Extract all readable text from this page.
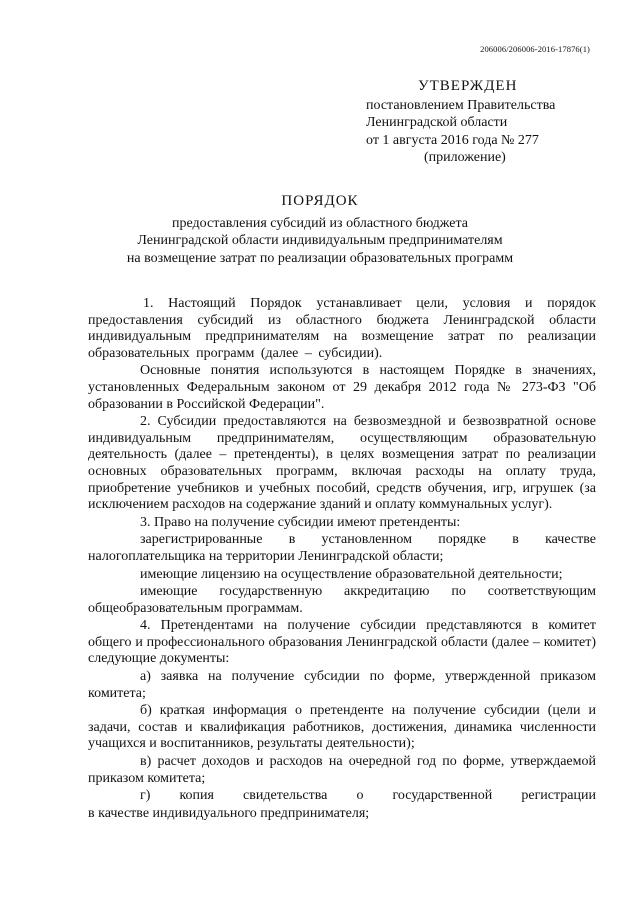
206006/206006-2016-17876(1)
УТВЕРЖДЕН
постановлением Правительства
Ленинградской области
от 1 августа 2016 года № 277
(приложение)
ПОРЯДОК
предоставления субсидий из областного бюджета
Ленинградской области индивидуальным предпринимателям
на возмещение затрат по реализации образовательных программ

1. Настоящий Порядок устанавливает цели, условия и порядок предоставления субсидий из областного бюджета Ленинградской области индивидуальным предпринимателям на возмещение затрат по реализации образовательных программ (далее – субсидии).

Основные понятия используются в настоящем Порядке в значениях, установленных Федеральным законом от 29 декабря 2012 года № 273-ФЗ "Об образовании в Российской Федерации".

2. Субсидии предоставляются на безвозмездной и безвозвратной основе индивидуальным предпринимателям, осуществляющим образовательную деятельность (далее – претенденты), в целях возмещения затрат по реализации основных образовательных программ, включая расходы на оплату труда, приобретение учебников и учебных пособий, средств обучения, игр, игрушек (за исключением расходов на содержание зданий и оплату коммунальных услуг).

3. Право на получение субсидии имеют претенденты:

зарегистрированные в установленном порядке в качестве налогоплательщика на территории Ленинградской области;

имеющие лицензию на осуществление образовательной деятельности;

имеющие государственную аккредитацию по соответствующим общеобразовательным программам.

4. Претендентами на получение субсидии представляются в комитет общего и профессионального образования Ленинградской области (далее – комитет) следующие документы:

а) заявка на получение субсидии по форме, утвержденной приказом комитета;

б) краткая информация о претенденте на получение субсидии (цели и задачи, состав и квалификация работников, достижения, динамика численности учащихся и воспитанников, результаты деятельности);

в) расчет доходов и расходов на очередной год по форме, утверждаемой приказом комитета;

г) копия свидетельства о государственной регистрации

в качестве индивидуального предпринимателя;
